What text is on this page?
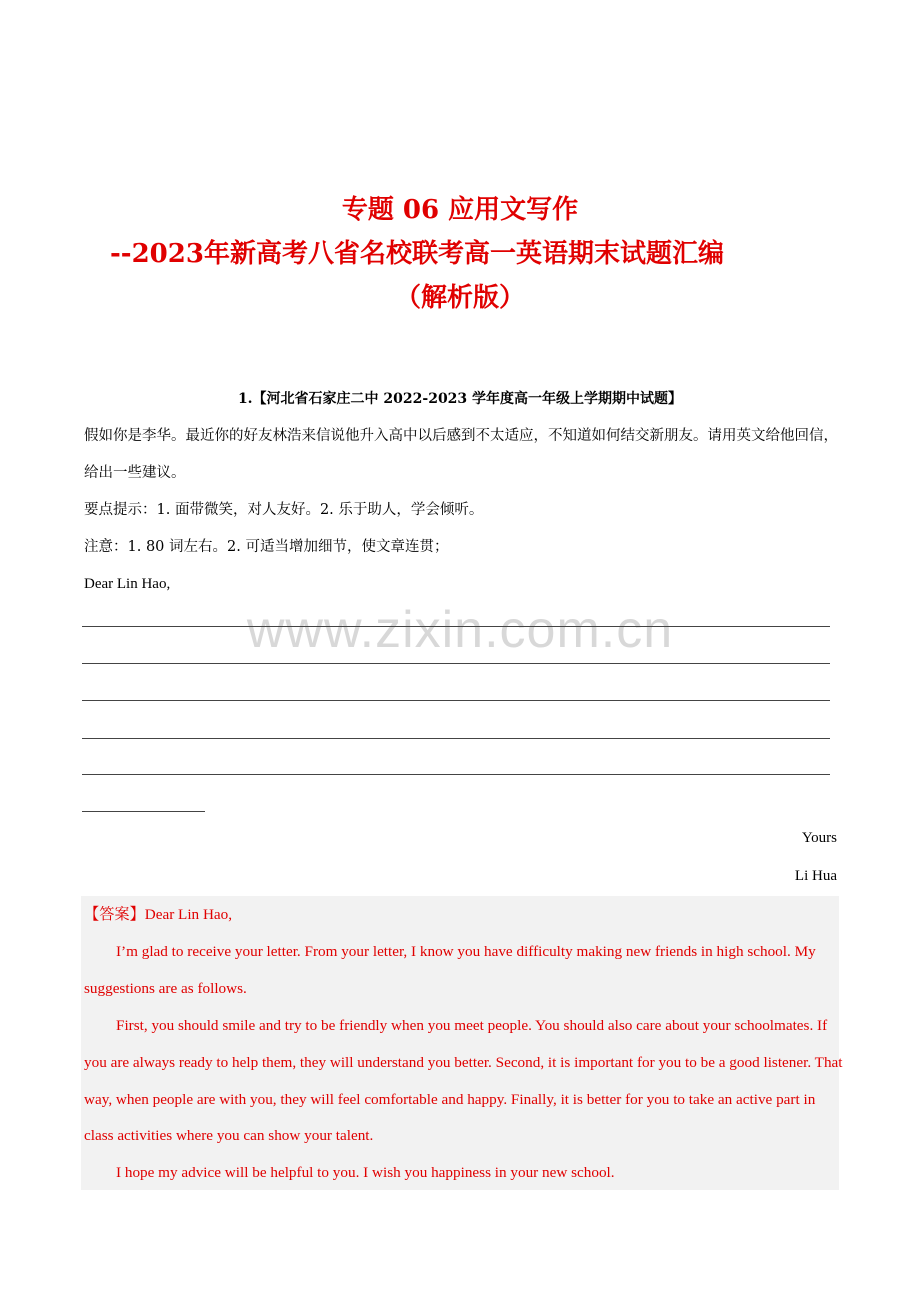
专题 06 应用文写作
--2023年新高考八省名校联考高一英语期末试题汇编
（解析版）
1.【河北省石家庄二中 2022-2023 学年度高一年级上学期期中试题】
假如你是李华。最近你的好友林浩来信说他升入高中以后感到不太适应，不知道如何结交新朋友。请用英文给他回信，给出一些建议。
要点提示：1. 面带微笑，对人友好。2. 乐于助人，学会倾听。
注意：1. 80 词左右。2. 可适当增加细节，使文章连贯；
Dear Lin Hao,
www.zixin.com.cn
Yours
Li Hua
【答案】Dear Lin Hao,
I’m glad to receive your letter. From your letter, I know you have difficulty making new friends in high school. My suggestions are as follows.
First, you should smile and try to be friendly when you meet people. You should also care about your schoolmates. If you are always ready to help them, they will understand you better. Second, it is important for you to be a good listener. That way, when people are with you, they will feel comfortable and happy. Finally, it is better for you to take an active part in class activities where you can show your talent.
I hope my advice will be helpful to you. I wish you happiness in your new school.
